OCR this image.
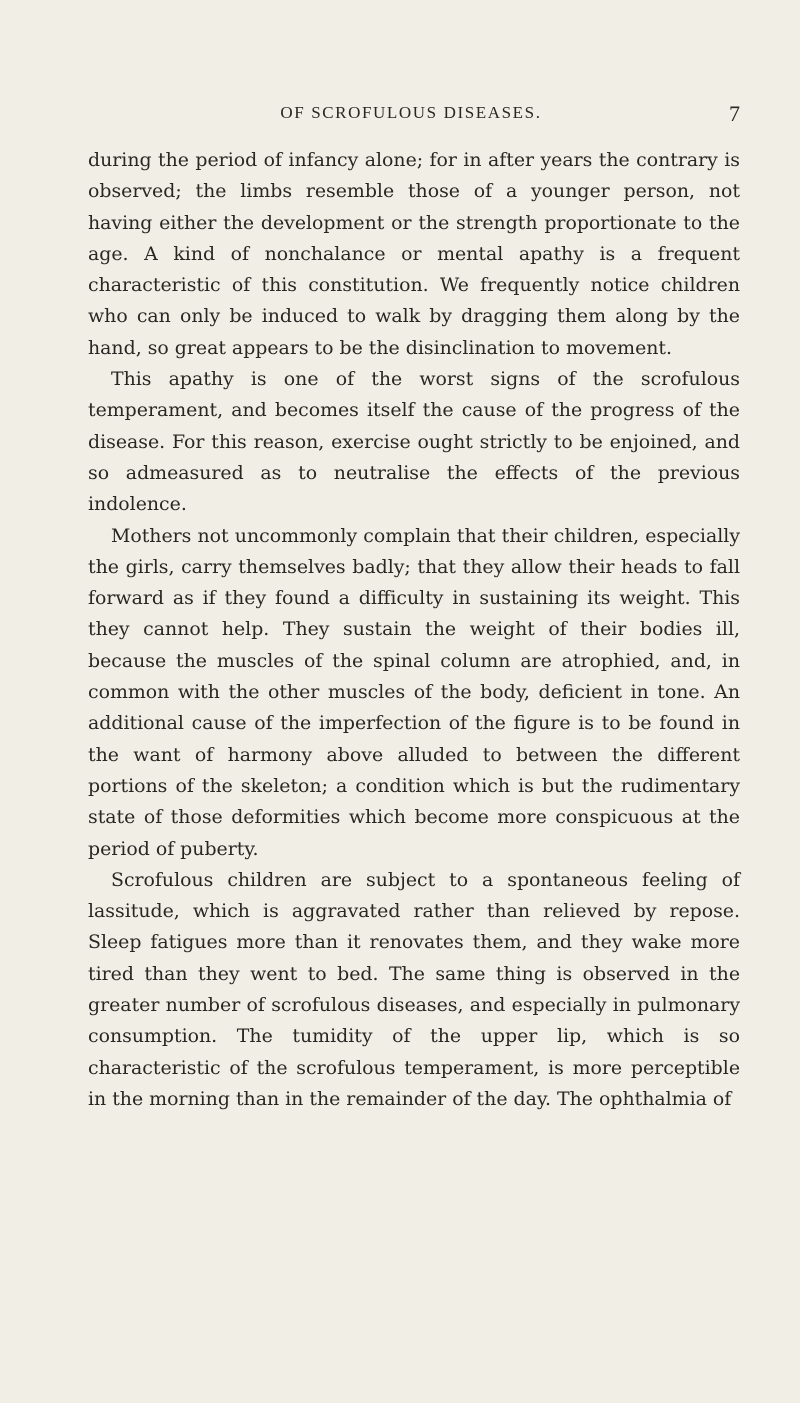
OF SCROFULOUS DISEASES.	7

during the period of infancy alone; for in after years the contrary is observed; the limbs resemble those of a younger person, not having either the development or the strength proportionate to the age. A kind of nonchalance or mental apathy is a frequent characteristic of this constitution. We frequently notice children who can only be induced to walk by dragging them along by the hand, so great appears to be the disinclination to movement.

This apathy is one of the worst signs of the scrofulous temperament, and becomes itself the cause of the progress of the disease. For this reason, exercise ought strictly to be enjoined, and so admeasured as to neutralise the effects of the previous indolence.

Mothers not uncommonly complain that their children, especially the girls, carry themselves badly; that they allow their heads to fall forward as if they found a difficulty in sustaining its weight. This they cannot help. They sustain the weight of their bodies ill, because the muscles of the spinal column are atrophied, and, in common with the other muscles of the body, deficient in tone. An additional cause of the imperfection of the figure is to be found in the want of harmony above alluded to between the different portions of the skeleton; a condition which is but the rudimentary state of those deformities which become more conspicuous at the period of puberty.

Scrofulous children are subject to a spontaneous feeling of lassitude, which is aggravated rather than relieved by repose. Sleep fatigues more than it renovates them, and they wake more tired than they went to bed. The same thing is observed in the greater number of scrofulous diseases, and especially in pulmonary consumption. The tumidity of the upper lip, which is so characteristic of the scrofulous temperament, is more perceptible in the morning than in the remainder of the day. The ophthalmia of
